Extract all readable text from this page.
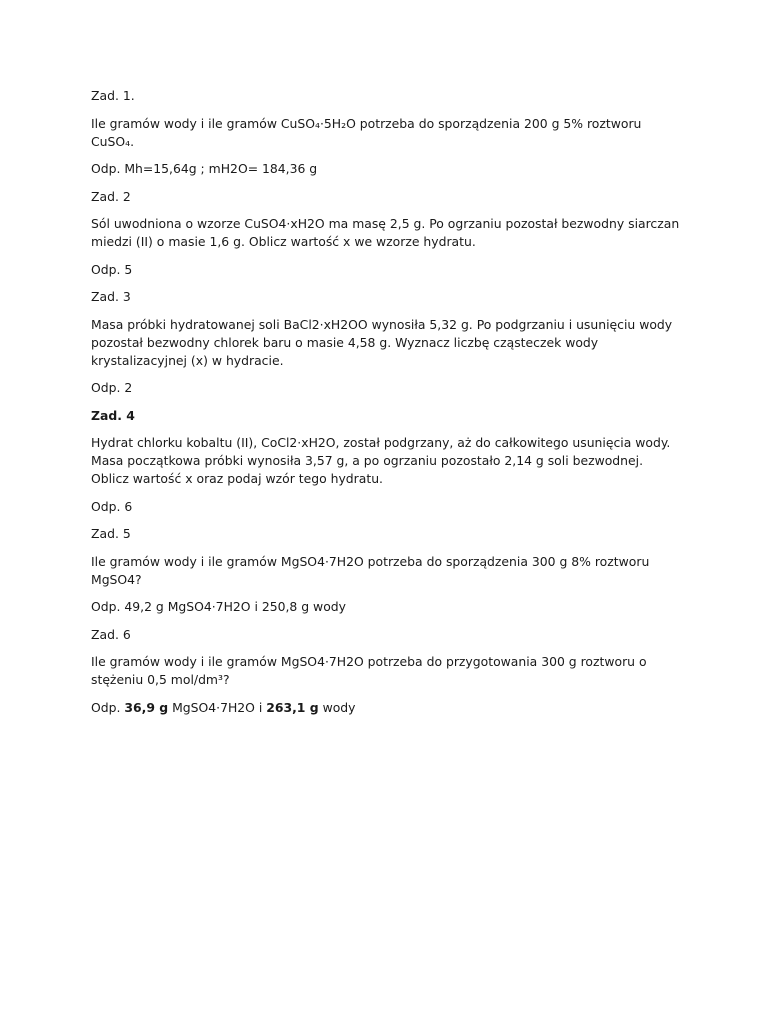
Zad. 1.

Ile gramów wody i ile gramów CuSO₄·5H₂O potrzeba do sporządzenia 200 g 5% roztworu CuSO₄.

Odp. Mh=15,64g ; mH2O= 184,36 g

Zad. 2

Sól uwodniona o wzorze CuSO4·xH2O ma masę 2,5 g. Po ogrzaniu pozostał bezwodny siarczan miedzi (II) o masie 1,6 g. Oblicz wartość x we wzorze hydratu.

Odp. 5

Zad. 3

Masa próbki hydratowanej soli BaCl2·xH2OO wynosiła 5,32 g. Po podgrzaniu i usunięciu wody pozostał bezwodny chlorek baru o masie 4,58 g. Wyznacz liczbę cząsteczek wody krystalizacyjnej (x) w hydracie.

Odp. 2

Zad. 4

Hydrat chlorku kobaltu (II), CoCl2·xH2O, został podgrzany, aż do całkowitego usunięcia wody. Masa początkowa próbki wynosiła 3,57 g, a po ogrzaniu pozostało 2,14 g soli bezwodnej. Oblicz wartość x oraz podaj wzór tego hydratu.

Odp. 6

Zad. 5

Ile gramów wody i ile gramów MgSO4·7H2O potrzeba do sporządzenia 300 g 8% roztworu MgSO4?

Odp. 49,2 g MgSO4·7H2O i 250,8 g wody

Zad. 6

Ile gramów wody i ile gramów MgSO4·7H2O potrzeba do przygotowania 300 g roztworu o stężeniu 0,5 mol/dm³?

Odp. 36,9 g MgSO4·7H2O i 263,1 g wody
